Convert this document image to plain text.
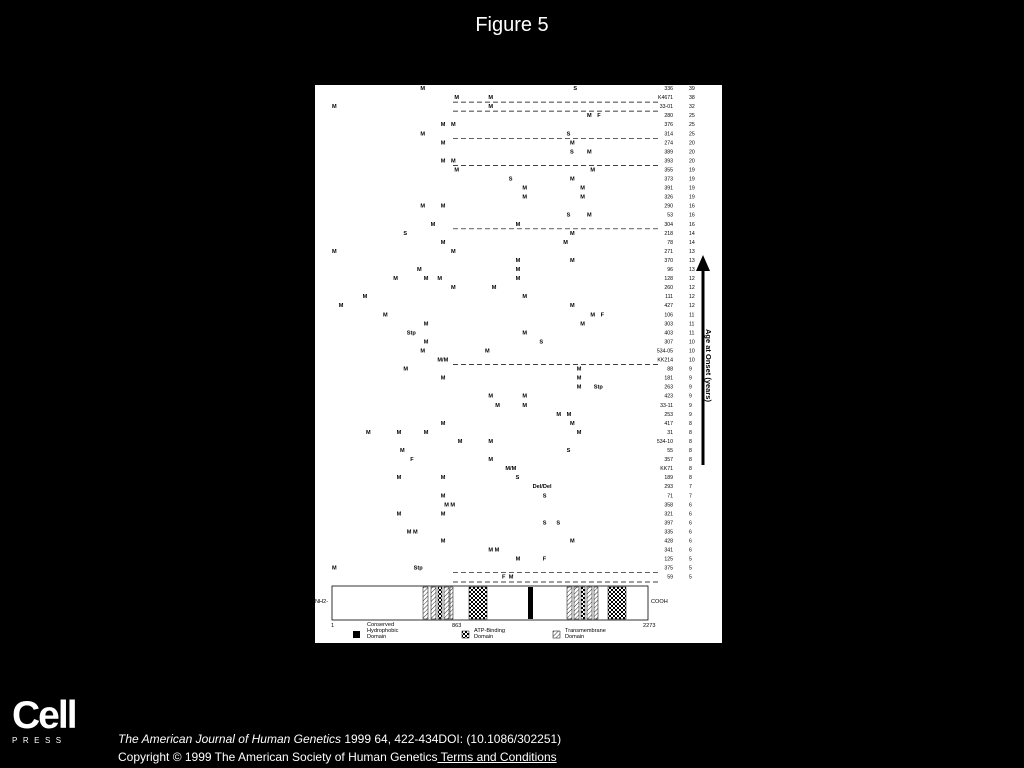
Figure 5
M	S	336	39
M	M	K4671	38
M	M	33-01	32
M F	280	25
M M	376	25
M	S	314	25
M	M	274	20
S M	389	20
M M	393	20
M	M	355	19
S	M	373	19
M	M	391	19
M	M	326	19
M	M	290	16
S	M	53	16
M	M	304	16
S	M	218	14
M	M	78	14
M	M	271	13
M	M	370	13
M	M	96	13
M	M M	M	128	12
M	M	260	12
M	M	111	12
M	M	427	12
M	M F	106	11
M	M	303	11
Stp	M	403	11
M	S	307	10
M	M	534-05	10
M/M	KK214	10
M	M	88	9
M	M	181	9
M Stp	263	9
M	M	423	9
M	M	33-11	9
M M	253	9
M	M	417	8
M	M	M	M	31	8
M	M	534-10	8
M	S	55	8
F	M	357	8
M/M	KK71	8
M	M	S	189	8
Del/Del	293	7
M	S	71	7
M M	358	6
M	M	321	6
S S	397	6
M M	335	6
M	M	428	6
M M	341	6
M	F	125	5
M	Stp	375	5
F M	59	5
Age at Onset (years)
NH2-	COOH
1	863	2273
Conserved
Hydrophobic
Domain
ATP-Binding
Domain
Transmembrane
Domain
Cell
PRESS	The American Journal of Human Genetics 1999 64, 422-434DOI: (10.1086/302251)
Copyright © 1999 The American Society of Human Genetics Terms and Conditions
